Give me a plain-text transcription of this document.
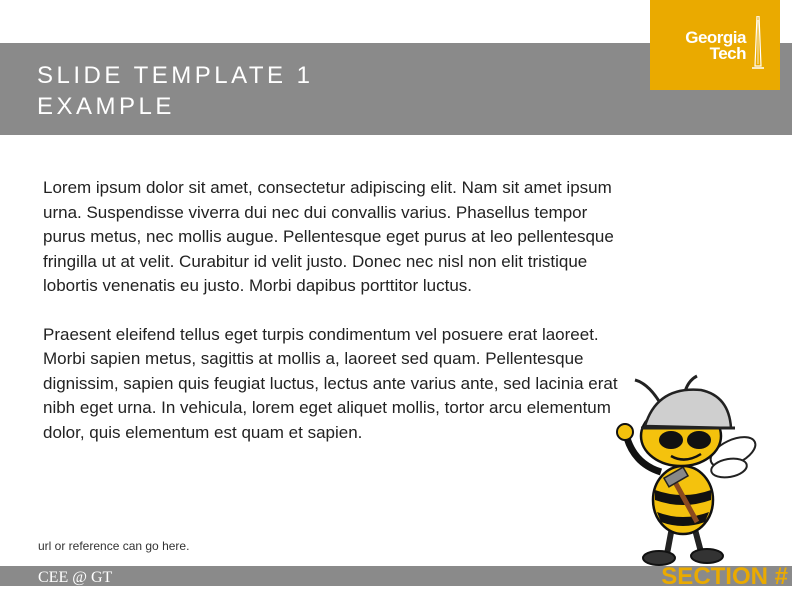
SLIDE TEMPLATE 1
EXAMPLE
Georgia
Tech

Lorem ipsum dolor sit amet, consectetur adipiscing elit. Nam sit amet ipsum urna. Suspendisse viverra dui nec dui convallis varius. Phasellus tempor purus metus, nec mollis augue. Pellentesque eget purus at leo pellentesque fringilla ut at velit. Curabitur id velit justo. Donec nec nisl non elit tristique lobortis venenatis eu justo. Morbi dapibus porttitor luctus.

Praesent eleifend tellus eget turpis condimentum vel posuere erat laoreet. Morbi sapien metus, sagittis at mollis a, laoreet sed quam. Pellentesque dignissim, sapien quis feugiat luctus, lectus ante varius ante, sed lacinia erat nibh eget urna. In vehicula, lorem eget aliquet mollis, tortor arcu elementum dolor, quis elementum est quam et sapien.

url or reference can go here.
CEE @ GT	SECTION #
